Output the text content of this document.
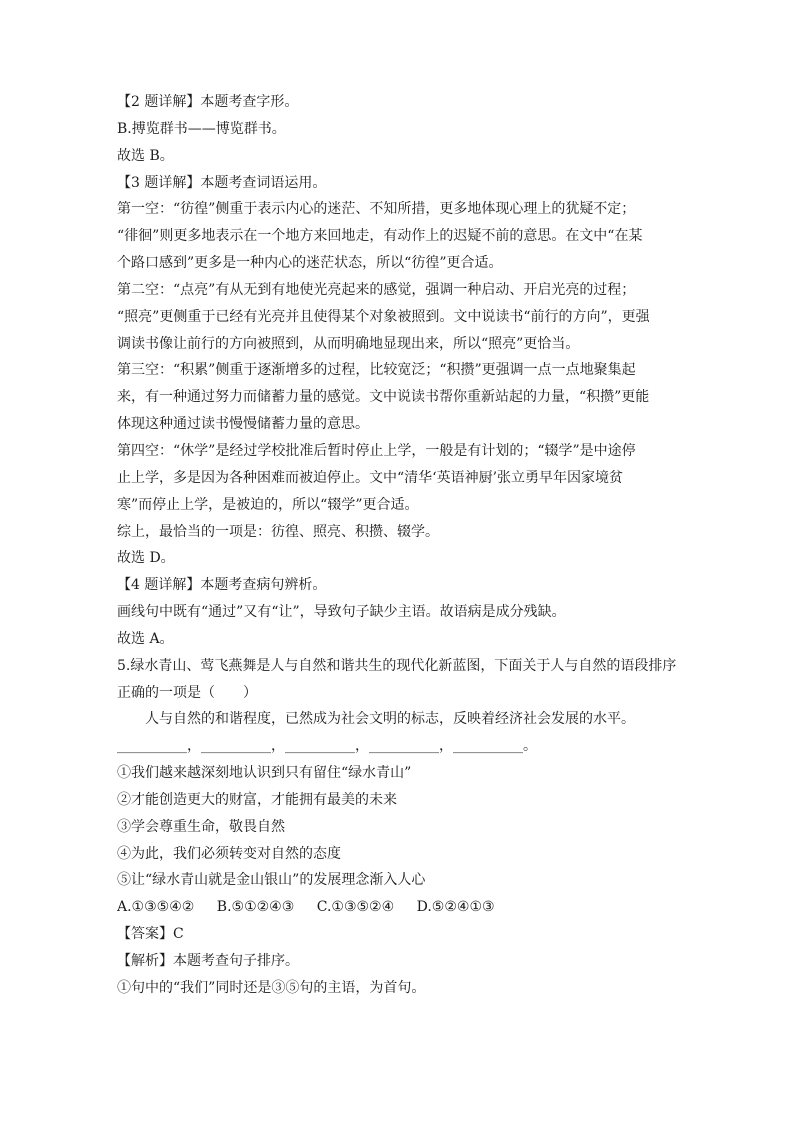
【2 题详解】本题考查字形。
B.搏览群书——博览群书。
故选 B。
【3 题详解】本题考查词语运用。
第一空：“彷徨”侧重于表示内心的迷茫、不知所措，更多地体现心理上的犹疑不定；
“徘徊”则更多地表示在一个地方来回地走，有动作上的迟疑不前的意思。在文中“在某
个路口感到”更多是一种内心的迷茫状态，所以“彷徨”更合适。
第二空：“点亮”有从无到有地使光亮起来的感觉，强调一种启动、开启光亮的过程；
“照亮”更侧重于已经有光亮并且使得某个对象被照到。文中说读书“前行的方向”，更强
调读书像让前行的方向被照到，从而明确地显现出来，所以“照亮”更恰当。
第三空：“积累”侧重于逐渐增多的过程，比较宽泛；“积攒”更强调一点一点地聚集起
来，有一种通过努力而储蓄力量的感觉。文中说读书帮你重新站起的力量，“积攒”更能
体现这种通过读书慢慢储蓄力量的意思。
第四空：“休学”是经过学校批准后暂时停止上学，一般是有计划的；“辍学”是中途停
止上学，多是因为各种困难而被迫停止。文中“清华‘英语神厨’张立勇早年因家境贫
寒”而停止上学，是被迫的，所以“辍学”更合适。
综上，最恰当的一项是：彷徨、照亮、积攒、辍学。
故选 D。
【4 题详解】本题考查病句辨析。
画线句中既有“通过”又有“让”，导致句子缺少主语。故语病是成分残缺。
故选 A。
5.绿水青山、莺飞燕舞是人与自然和谐共生的现代化新蓝图，下面关于人与自然的语段排序
正确的一项是（　　）
人与自然的和谐程度，已然成为社会文明的标志，反映着经济社会发展的水平。
__________，__________，__________，__________，__________。
①我们越来越深刻地认识到只有留住“绿水青山”
②才能创造更大的财富，才能拥有最美的未来
③学会尊重生命，敬畏自然
④为此，我们必须转变对自然的态度
⑤让“绿水青山就是金山银山”的发展理念渐入人心
A.①③⑤④② B.⑤①②④③ C.①③⑤②④ D.⑤②④①③
【答案】C
【解析】本题考查句子排序。
①句中的“我们”同时还是③⑤句的主语，为首句。
